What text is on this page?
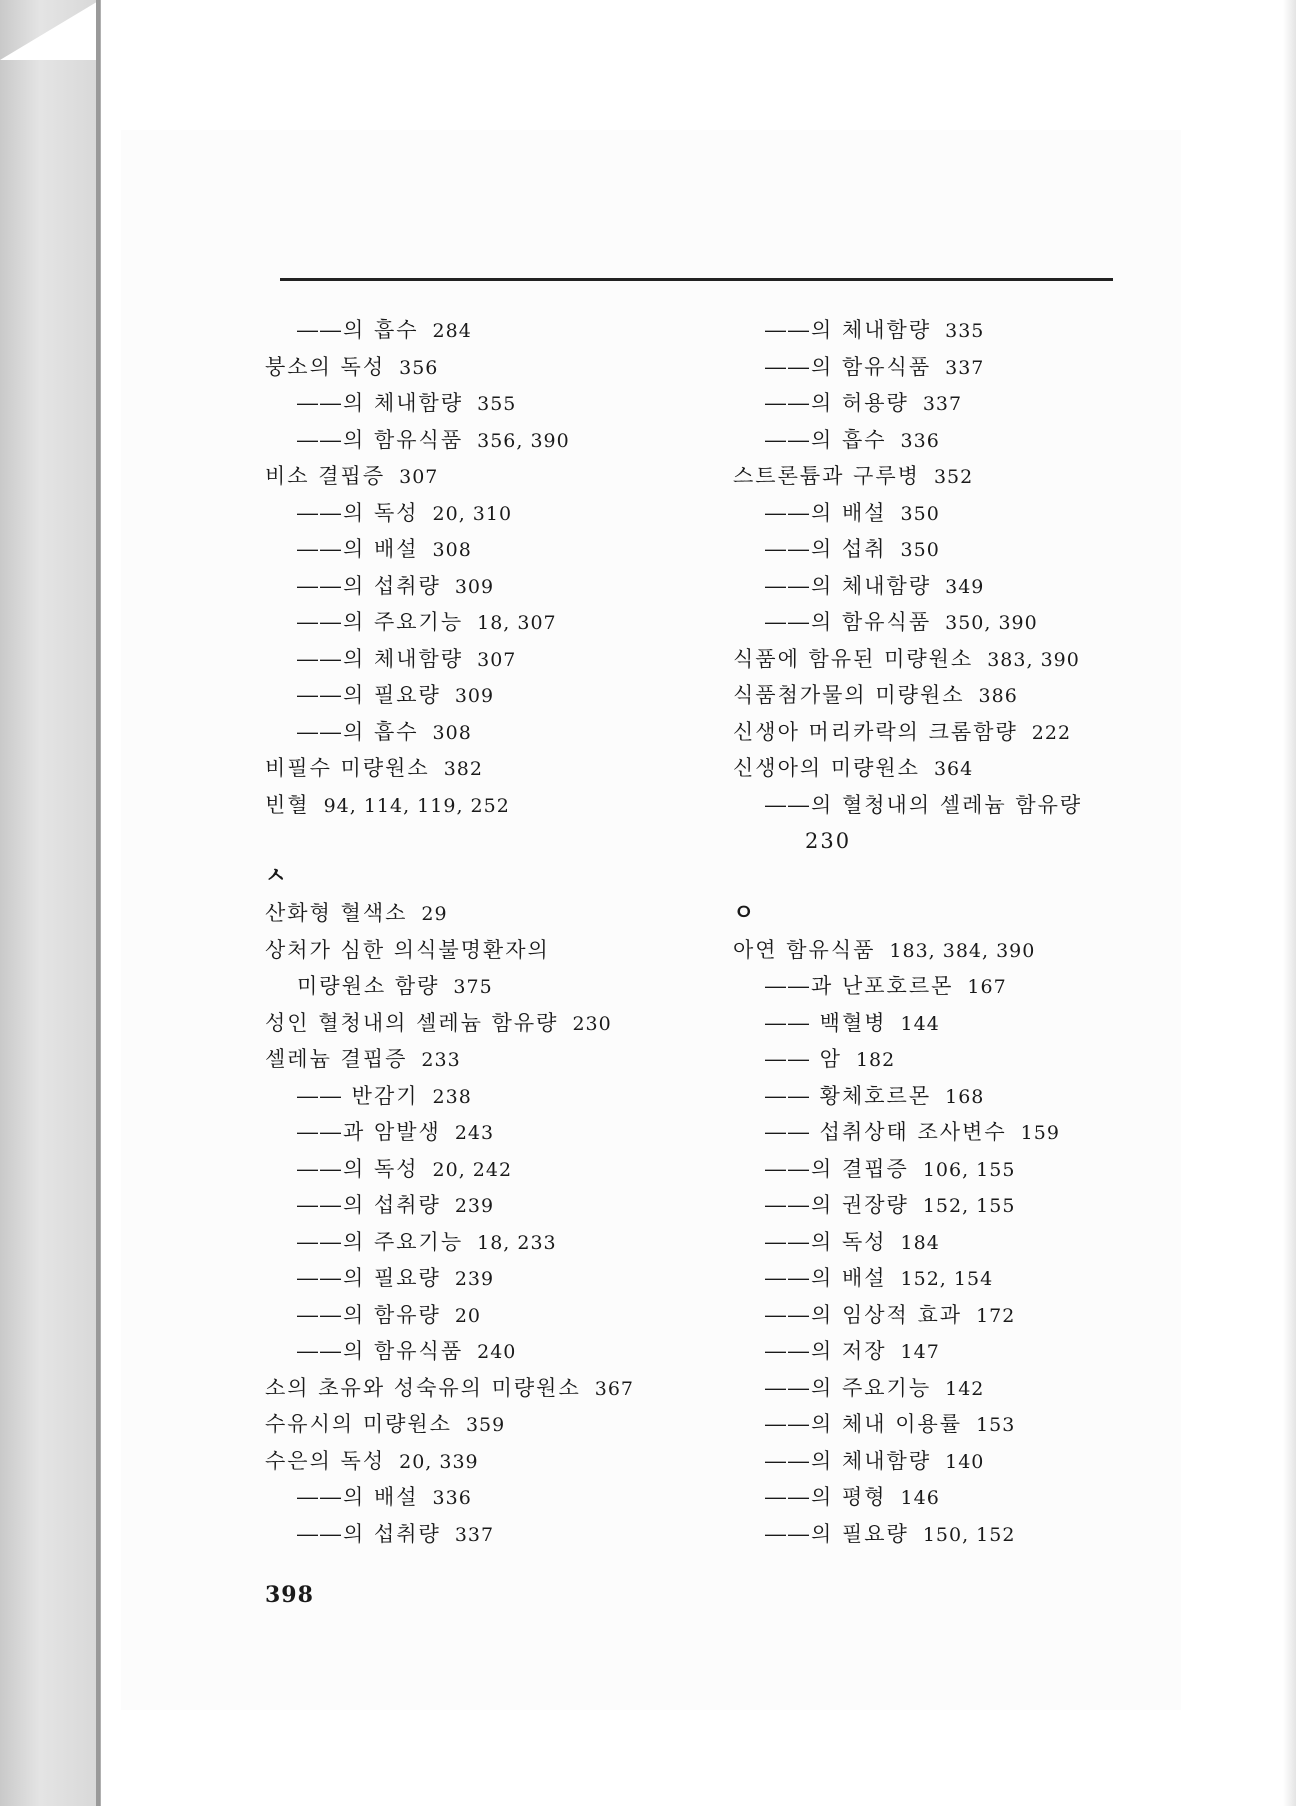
――의 흡수 284
붕소의 독성 356
――의 체내함량 355
――의 함유식품 356, 390
비소 결핍증 307
――의 독성 20, 310
――의 배설 308
――의 섭취량 309
――의 주요기능 18, 307
――의 체내함량 307
――의 필요량 309
――의 흡수 308
비필수 미량원소 382
빈혈 94, 114, 119, 252
ㅅ
산화형 혈색소 29
상처가 심한 의식불명환자의
미량원소 함량 375
성인 혈청내의 셀레늄 함유량 230
셀레늄 결핍증 233
―― 반감기 238
――과 암발생 243
――의 독성 20, 242
――의 섭취량 239
――의 주요기능 18, 233
――의 필요량 239
――의 함유량 20
――의 함유식품 240
소의 초유와 성숙유의 미량원소 367
수유시의 미량원소 359
수은의 독성 20, 339
――의 배설 336
――의 섭취량 337
――의 체내함량 335
――의 함유식품 337
――의 허용량 337
――의 흡수 336
스트론튬과 구루병 352
――의 배설 350
――의 섭취 350
――의 체내함량 349
――의 함유식품 350, 390
식품에 함유된 미량원소 383, 390
식품첨가물의 미량원소 386
신생아 머리카락의 크롬함량 222
신생아의 미량원소 364
――의 혈청내의 셀레늄 함유량
230
ㅇ
아연 함유식품 183, 384, 390
――과 난포호르몬 167
―― 백혈병 144
―― 암 182
―― 황체호르몬 168
―― 섭취상태 조사변수 159
――의 결핍증 106, 155
――의 권장량 152, 155
――의 독성 184
――의 배설 152, 154
――의 임상적 효과 172
――의 저장 147
――의 주요기능 142
――의 체내 이용률 153
――의 체내함량 140
――의 평형 146
――의 필요량 150, 152
398
